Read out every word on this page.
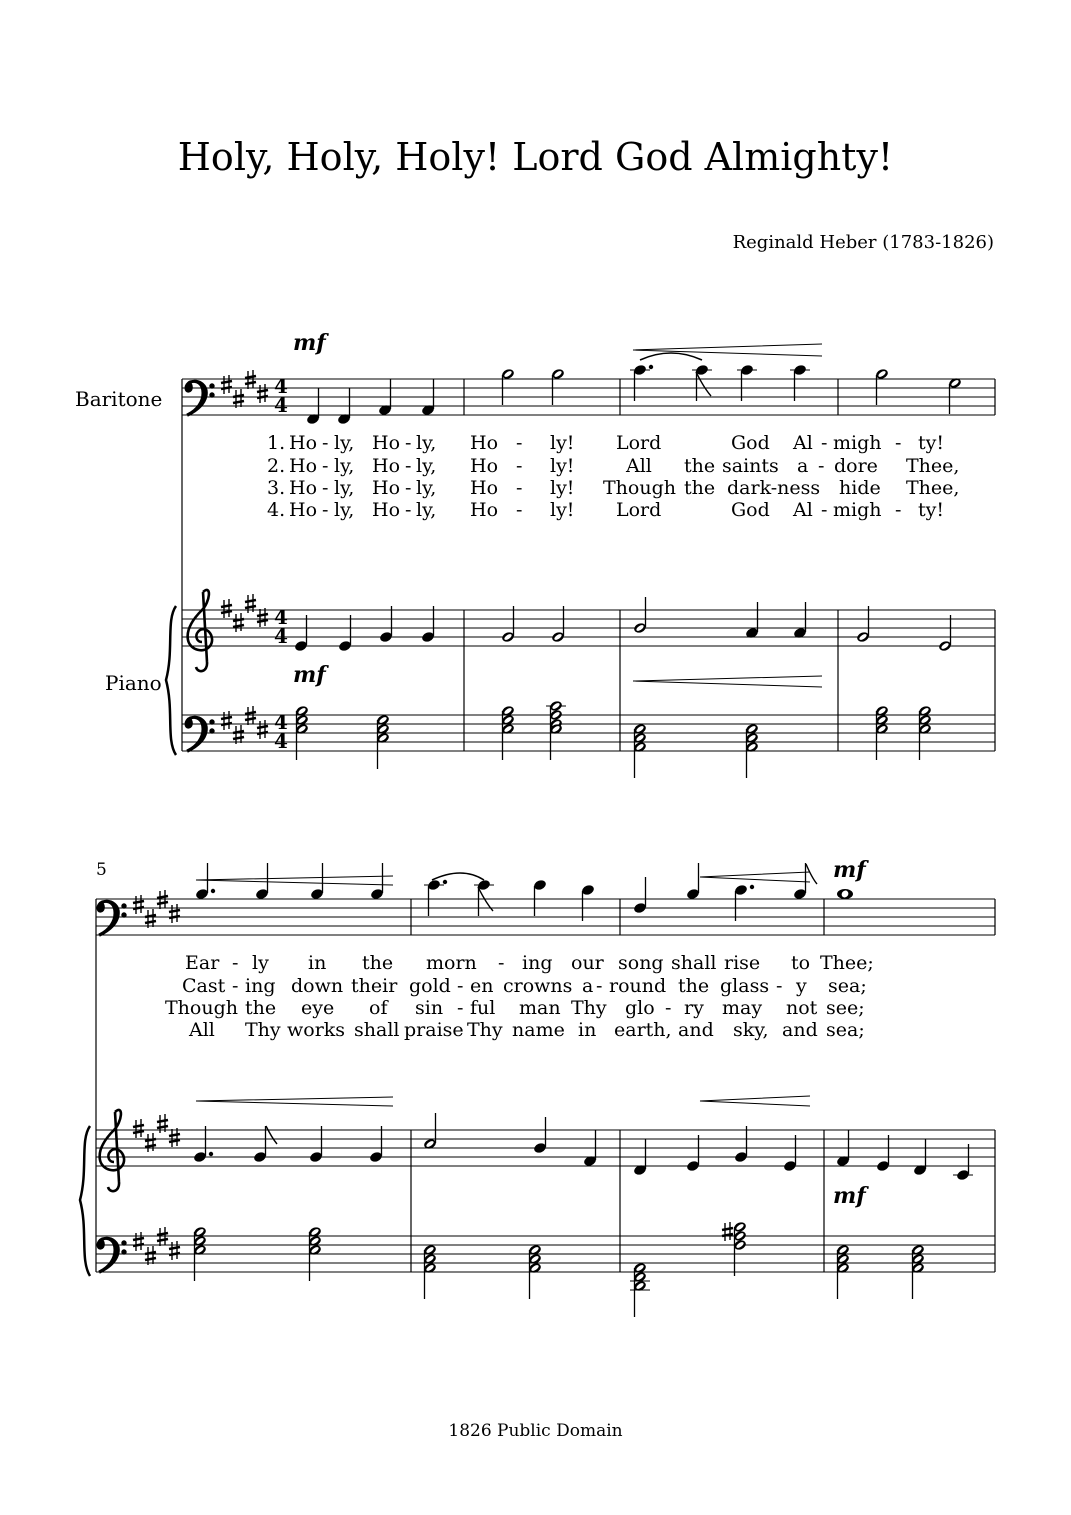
Holy, Holy, Holy! Lord God Almighty!
Reginald Heber (1783-1826)
Baritone
Piano
5
mf
mf
mf
mf
1. Ho - ly, Ho - ly, Ho - ly! Lord	God Al - migh - ty!
2. Ho - ly, Ho - ly, Ho - ly!	All the saints a - dore Thee,
3. Ho - ly, Ho - ly, Ho - ly! Though the dark-ness hide Thee,
4. Ho - ly, Ho - ly, Ho - ly! Lord	God Al - migh - ty!
Ear - ly in the morn - ing our song shall rise to Thee;
Cast - ing down their gold - en crowns a - round the glass - y sea;
Though the eye of sin - ful man Thy glo - ry may not see;
All Thy works shall praise Thy name in earth, and sky, and sea;
1826 Public Domain
4
4
4
4
4
4
